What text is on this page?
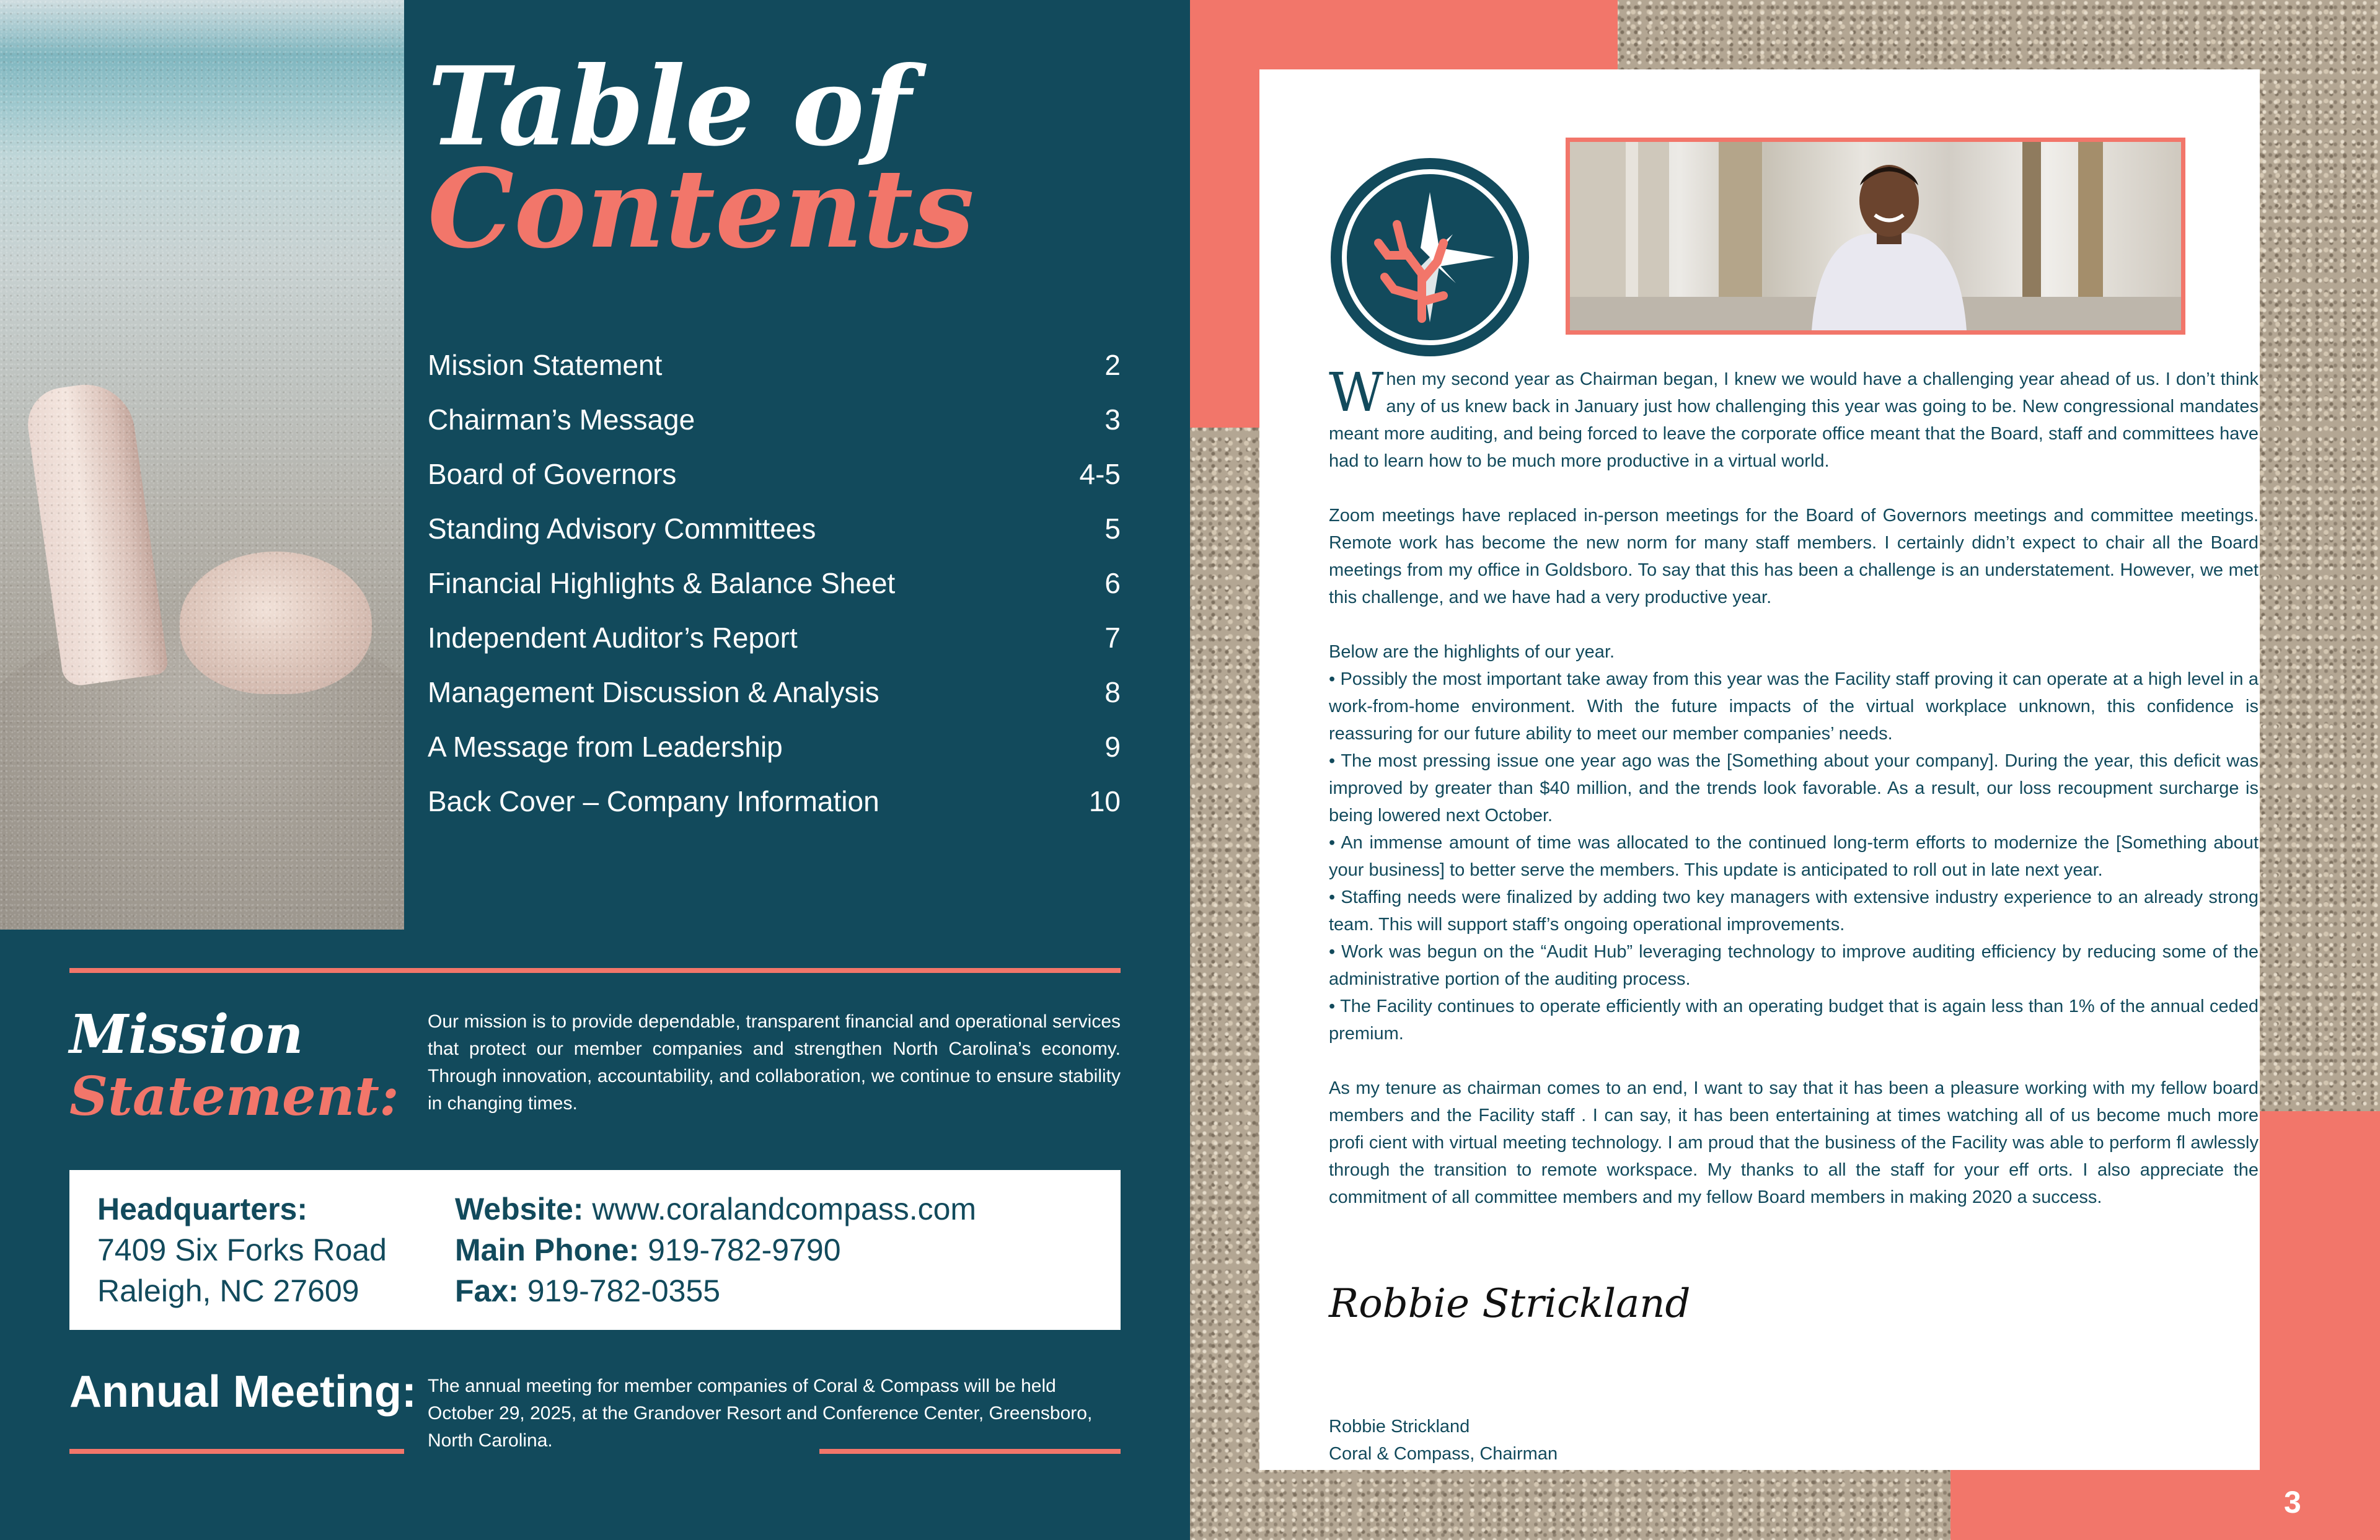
Table of
Contents
Mission Statement	2
Chairman’s Message	3
Board of Governors	4-5
Standing Advisory Committees	5
Financial Highlights & Balance Sheet	6
Independent Auditor’s Report	7
Management Discussion & Analysis	8
A Message from Leadership	9
Back Cover – Company Information	10
Mission
Statement:
Our mission is to provide dependable, transparent financial and operational services that protect our member companies and strengthen North Carolina’s economy. Through innovation, accountability, and collaboration, we continue to ensure stability in changing times.
Headquarters:
7409 Six Forks Road
Raleigh, NC 27609
Website: www.coralandcompass.com
Main Phone: 919-782-9790
Fax: 919-782-0355
Annual Meeting: The annual meeting for member companies of Coral & Compass will be held October 29, 2025, at the Grandover Resort and Conference Center, Greensboro, North Carolina.

When my second year as Chairman began, I knew we would have a challenging year ahead of us. I don’t think any of us knew back in January just how challenging this year was going to be. New congressional mandates meant more auditing, and being forced to leave the corporate office meant that the Board, staff and committees have had to learn how to be much more productive in a virtual world.

Zoom meetings have replaced in-person meetings for the Board of Governors meetings and committee meetings. Remote work has become the new norm for many staff members. I certainly didn’t expect to chair all the Board meetings from my office in Goldsboro. To say that this has been a challenge is an understatement. However, we met this challenge, and we have had a very productive year.

Below are the highlights of our year.

• Possibly the most important take away from this year was the Facility staff proving it can operate at a high level in a work-from-home environment. With the future impacts of the virtual workplace unknown, this confidence is reassuring for our future ability to meet our member companies’ needs.

• The most pressing issue one year ago was the [Something about your company]. During the year, this deficit was improved by greater than $40 million, and the trends look favorable. As a result, our loss recoupment surcharge is being lowered next October.

• An immense amount of time was allocated to the continued long-term efforts to modernize the [Something about your business] to better serve the members. This update is anticipated to roll out in late next year.

• Staffing needs were finalized by adding two key managers with extensive industry experience to an already strong team. This will support staff’s ongoing operational improvements.

• Work was begun on the “Audit Hub” leveraging technology to improve auditing efficiency by reducing some of the administrative portion of the auditing process.

• The Facility continues to operate efficiently with an operating budget that is again less than 1% of the annual ceded premium.

As my tenure as chairman comes to an end, I want to say that it has been a pleasure working with my fellow board members and the Facility staff . I can say, it has been entertaining at times watching all of us become much more profi cient with virtual meeting technology. I am proud that the business of the Facility was able to perform fl awlessly through the transition to remote workspace. My thanks to all the staff for your eff orts. I also appreciate the commitment of all committee members and my fellow Board members in making 2020 a success.

Robbie Strickland
Robbie Strickland
Coral & Compass, Chairman
3
